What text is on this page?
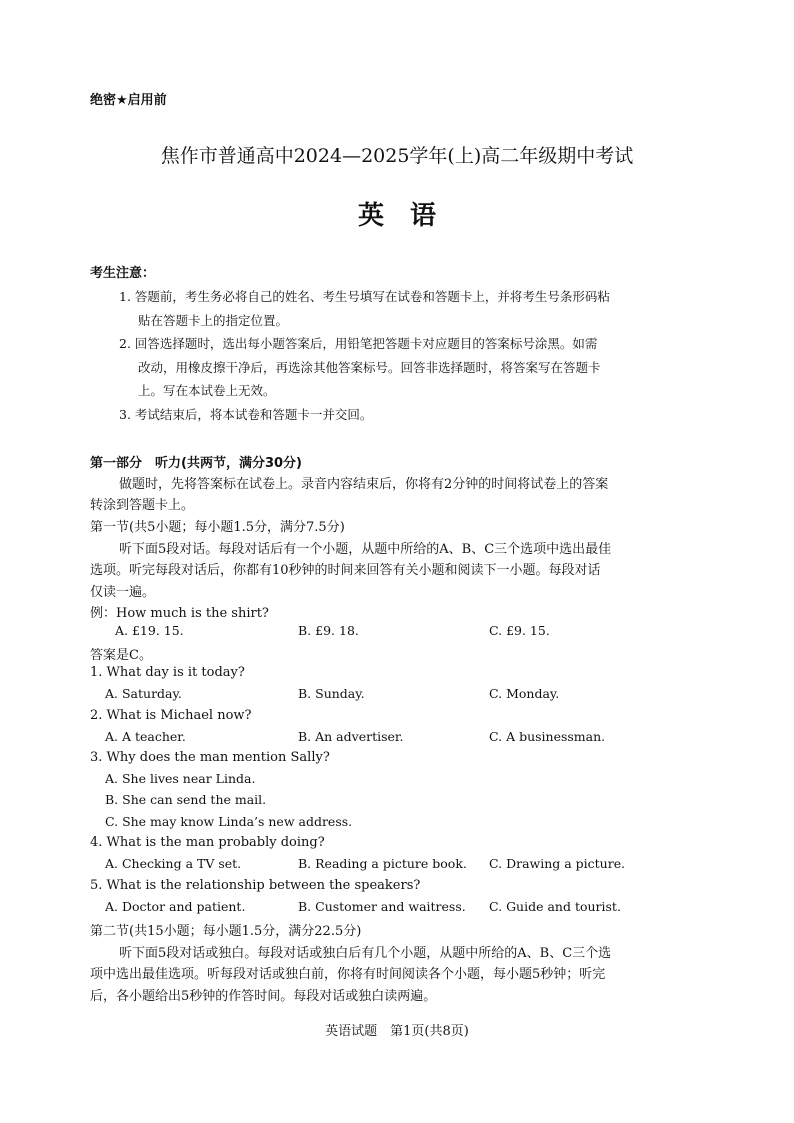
绝密★启用前
焦作市普通高中2024—2025学年(上)高二年级期中考试
英语
考生注意：
1. 答题前，考生务必将自己的姓名、考生号填写在试卷和答题卡上，并将考生号条形码粘
贴在答题卡上的指定位置。
2. 回答选择题时，选出每小题答案后，用铅笔把答题卡对应题目的答案标号涂黑。如需
改动，用橡皮擦干净后，再选涂其他答案标号。回答非选择题时，将答案写在答题卡
上。写在本试卷上无效。
3. 考试结束后，将本试卷和答题卡一并交回。
第一部分　听力(共两节，满分30分)
做题时，先将答案标在试卷上。录音内容结束后，你将有2分钟的时间将试卷上的答案
转涂到答题卡上。
第一节(共5小题；每小题1.5分，满分7.5分)
听下面5段对话。每段对话后有一个小题，从题中所给的A、B、C三个选项中选出最佳
选项。听完每段对话后，你都有10秒钟的时间来回答有关小题和阅读下一小题。每段对话
仅读一遍。
例：How much is the shirt?
A. £19. 15.	B. £9. 18.	C. £9. 15.
答案是C。
1. What day is it today?
A. Saturday.	B. Sunday.	C. Monday.
2. What is Michael now?
A. A teacher.	B. An advertiser.	C. A businessman.
3. Why does the man mention Sally?
A. She lives near Linda.
B. She can send the mail.
C. She may know Linda’s new address.
4. What is the man probably doing?
A. Checking a TV set.	B. Reading a picture book. C. Drawing a picture.
5. What is the relationship between the speakers?
A. Doctor and patient.	B. Customer and waitress. C. Guide and tourist.
第二节(共15小题；每小题1.5分，满分22.5分)
听下面5段对话或独白。每段对话或独白后有几个小题，从题中所给的A、B、C三个选
项中选出最佳选项。听每段对话或独白前，你将有时间阅读各个小题，每小题5秒钟；听完
后，各小题给出5秒钟的作答时间。每段对话或独白读两遍。
英语试题　第1页(共8页)
